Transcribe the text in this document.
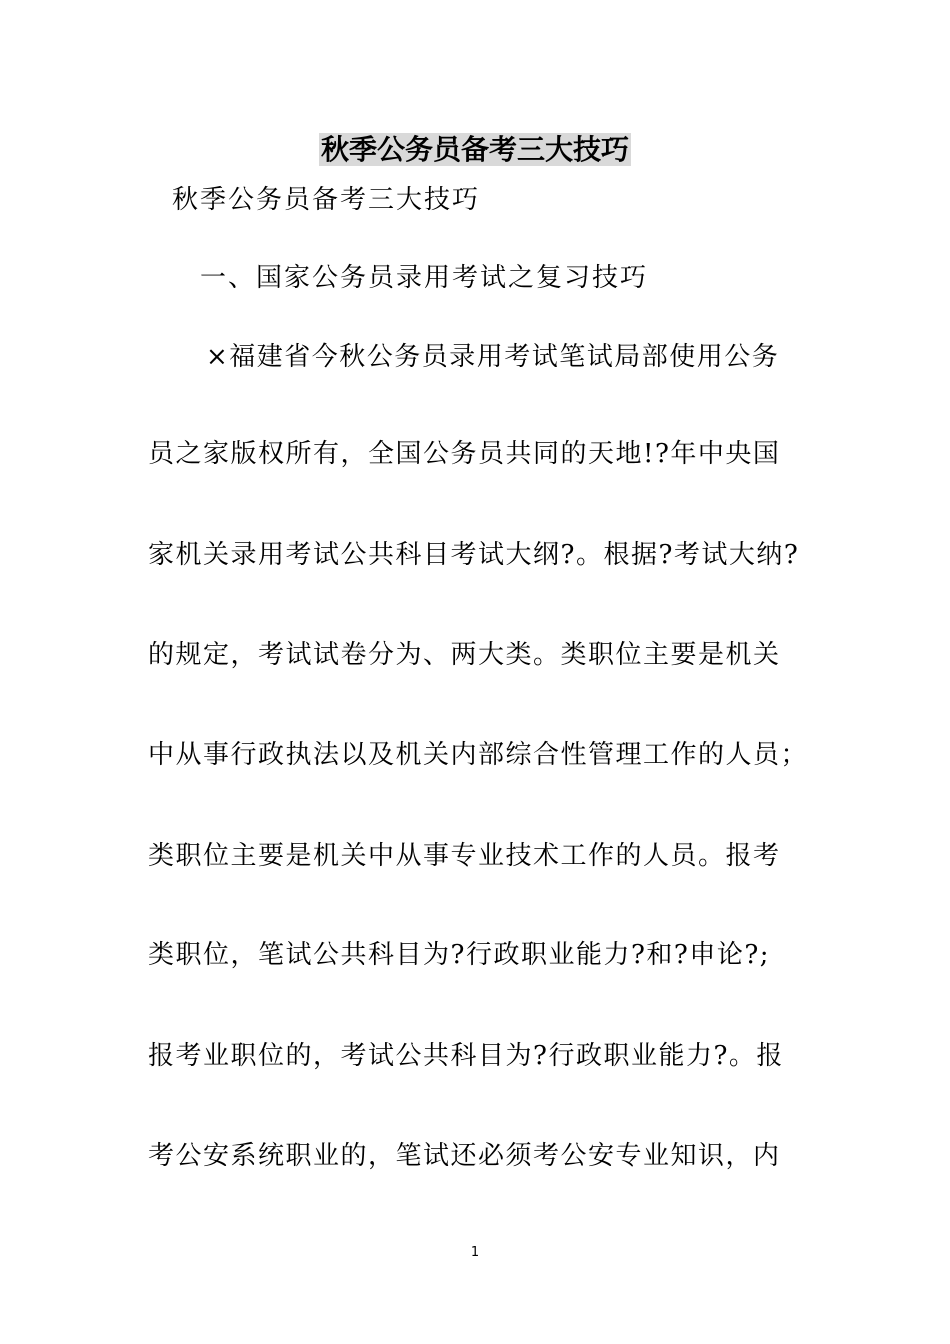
秋季公务员备考三大技巧
秋季公务员备考三大技巧
一、国家公务员录用考试之复习技巧
×福建省今秋公务员录用考试笔试局部使用公务
员之家版权所有，全国公务员共同的天地!?年中央国
家机关录用考试公共科目考试大纲?。根据?考试大纳?
的规定，考试试卷分为、两大类。类职位主要是机关
中从事行政执法以及机关内部综合性管理工作的人员；
类职位主要是机关中从事专业技术工作的人员。报考
类职位，笔试公共科目为?行政职业能力?和?申论?;
报考业职位的，考试公共科目为?行政职业能力?。报
考公安系统职业的，笔试还必须考公安专业知识，内
1
